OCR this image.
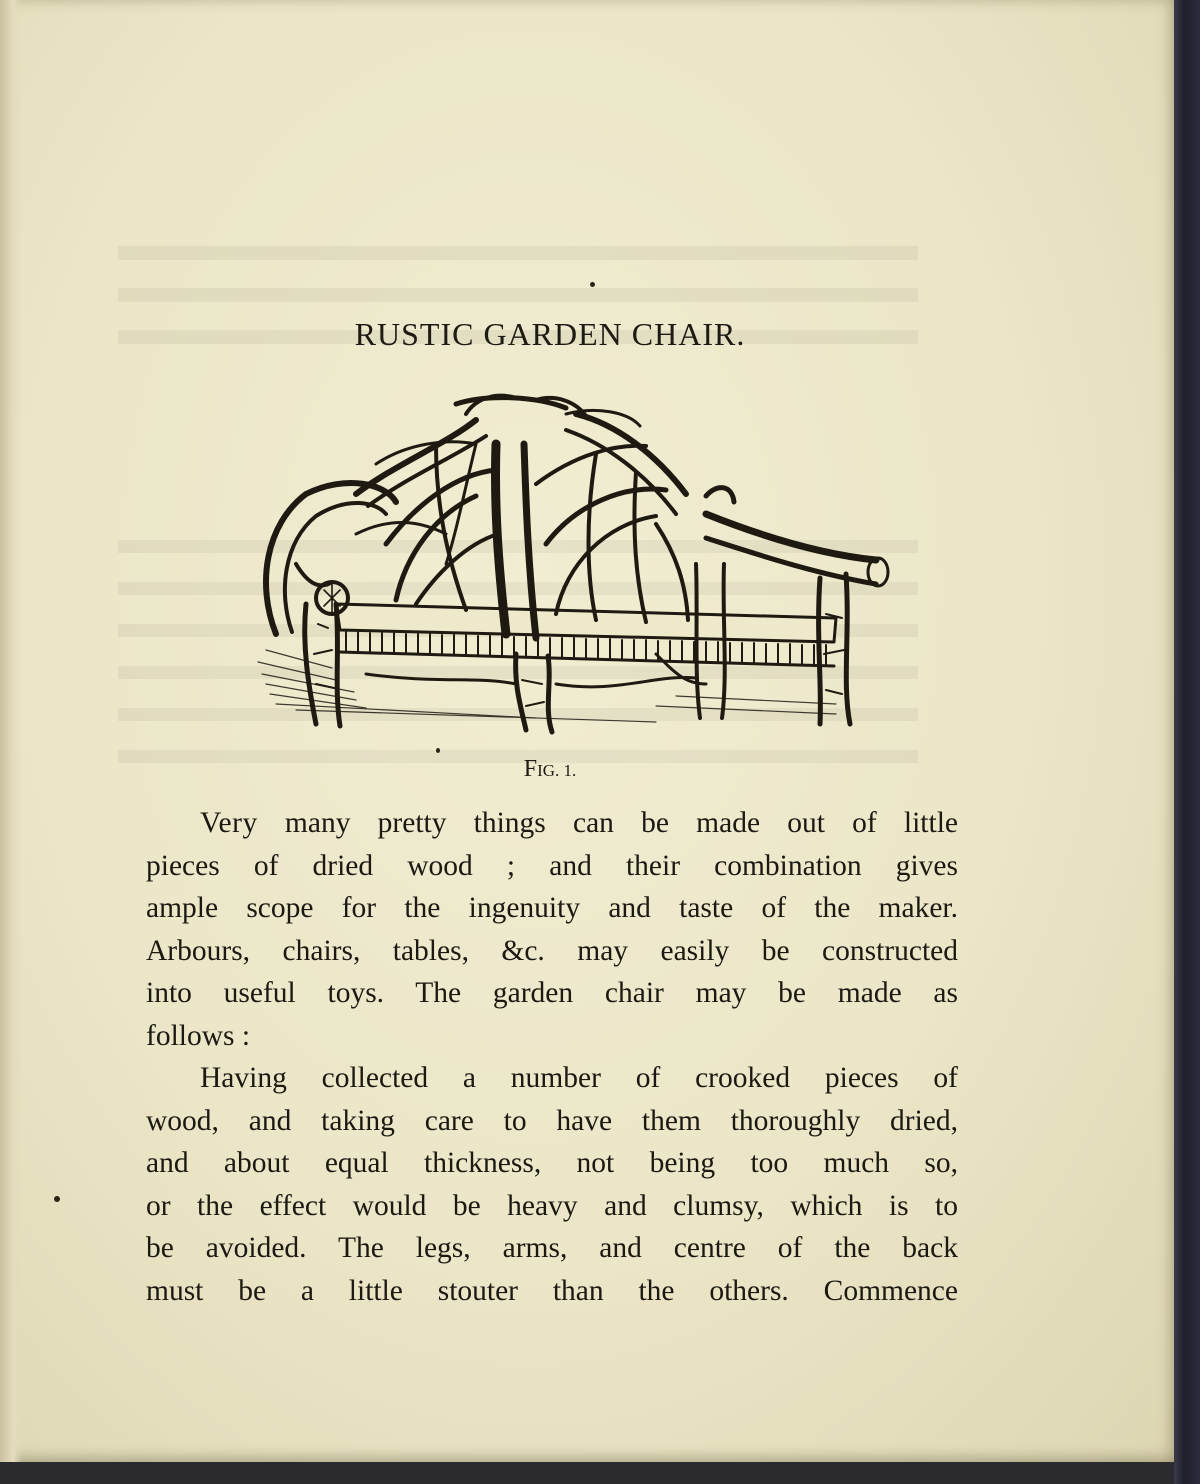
RUSTIC GARDEN CHAIR.
FIG. 1.
Very many pretty things can be made out of little
pieces of dried wood ; and their combination gives
ample scope for the ingenuity and taste of the maker.
Arbours, chairs, tables, &c. may easily be constructed
into useful toys. The garden chair may be made as
follows :
Having collected a number of crooked pieces of
wood, and taking care to have them thoroughly dried,
and about equal thickness, not being too much so,
or the effect would be heavy and clumsy, which is to
be avoided. The legs, arms, and centre of the back
must be a little stouter than the others. Commence
